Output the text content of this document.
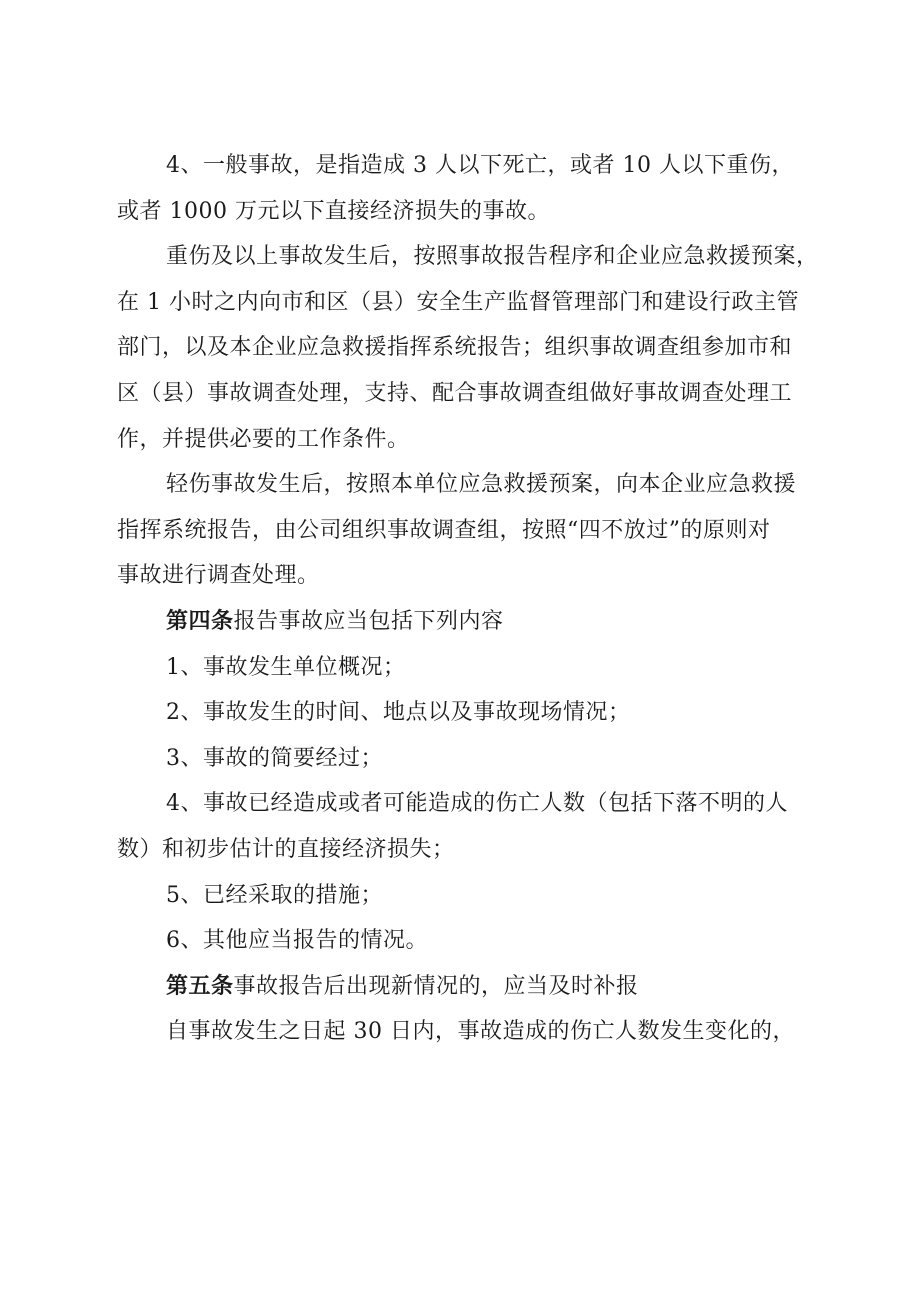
4、一般事故，是指造成 3 人以下死亡，或者 10 人以下重伤，
或者 1000 万元以下直接经济损失的事故。
重伤及以上事故发生后，按照事故报告程序和企业应急救援预案，
在 1 小时之内向市和区（县）安全生产监督管理部门和建设行政主管
部门，以及本企业应急救援指挥系统报告；组织事故调查组参加市和
区（县）事故调查处理，支持、配合事故调查组做好事故调查处理工
作，并提供必要的工作条件。
轻伤事故发生后，按照本单位应急救援预案，向本企业应急救援
指挥系统报告，由公司组织事故调查组，按照“四不放过”的原则对
事故进行调查处理。
第四条报告事故应当包括下列内容
1、事故发生单位概况；
2、事故发生的时间、地点以及事故现场情况；
3、事故的简要经过；
4、事故已经造成或者可能造成的伤亡人数（包括下落不明的人
数）和初步估计的直接经济损失；
5、已经采取的措施；
6、其他应当报告的情况。
第五条事故报告后出现新情况的，应当及时补报
自事故发生之日起 30 日内，事故造成的伤亡人数发生变化的，
